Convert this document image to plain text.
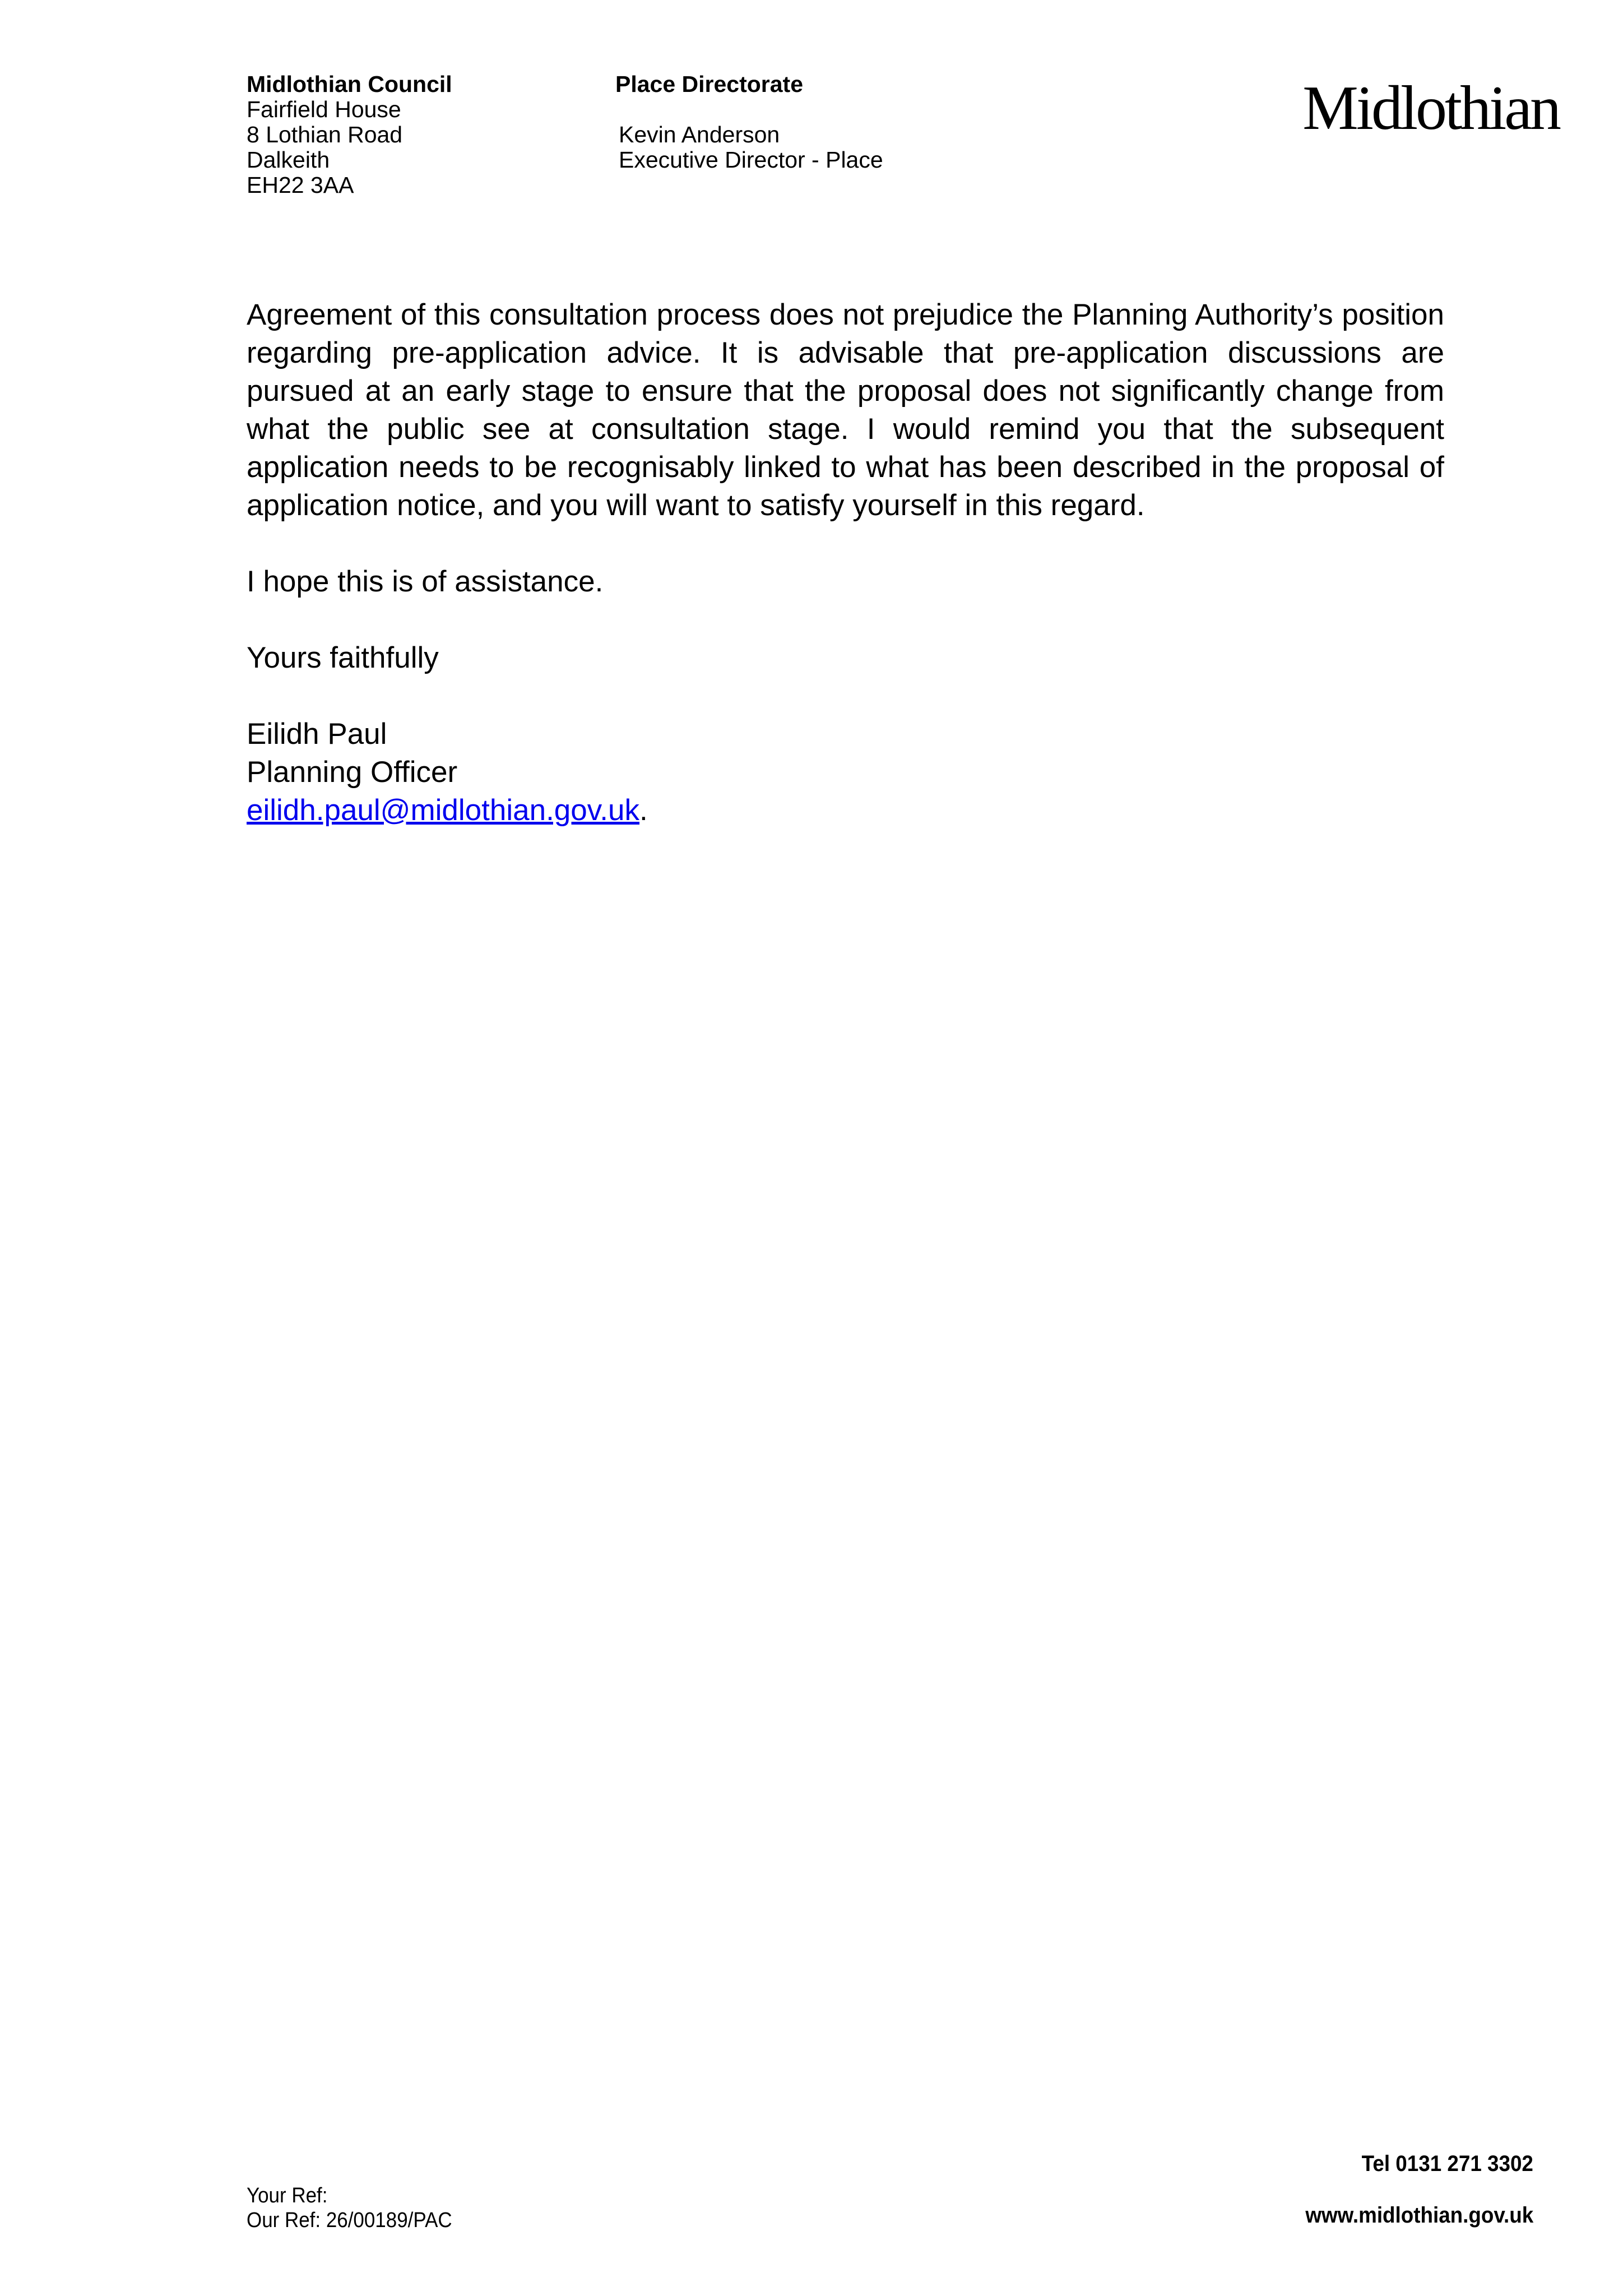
Midlothian Council
Fairfield House
8 Lothian Road
Dalkeith
EH22 3AA
Place Directorate
Kevin Anderson
Executive Director - Place
Midlothian

Agreement of this consultation process does not prejudice the Planning Authority’s position regarding pre-application advice. It is advisable that pre-application discussions are pursued at an early stage to ensure that the proposal does not significantly change from what the public see at consultation stage. I would remind you that the subsequent application needs to be recognisably linked to what has been described in the proposal of application notice, and you will want to satisfy yourself in this regard.

I hope this is of assistance.

Yours faithfully

Eilidh Paul
Planning Officer
eilidh.paul@midlothian.gov.uk.
Your Ref:
Our Ref: 26/00189/PAC
Tel 0131 271 3302
www.midlothian.gov.uk
